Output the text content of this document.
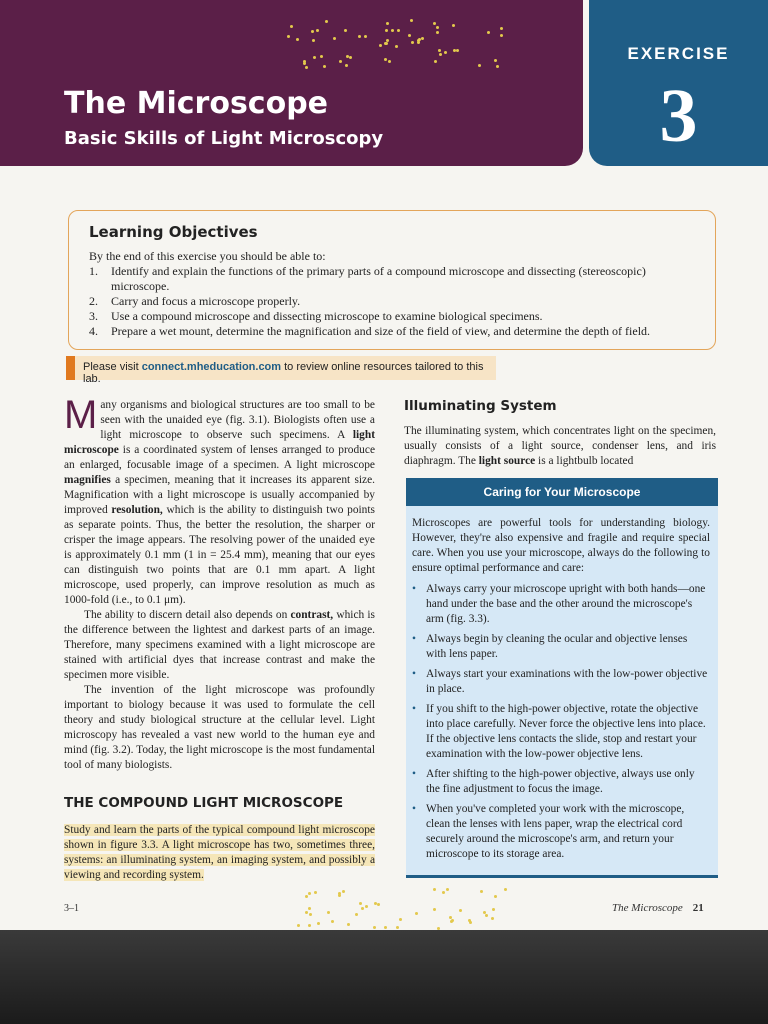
The Microscope
Basic Skills of Light Microscopy
EXERCISE
3
Learning Objectives
By the end of this exercise you should be able to:
1.	Identify and explain the functions of the primary parts of a compound microscope and dissecting (stereoscopic) microscope.
2.	Carry and focus a microscope properly.
3.	Use a compound microscope and dissecting microscope to examine biological specimens.
4.	Prepare a wet mount, determine the magnification and size of the field of view, and determine the depth of field.
Please visit connect.mheducation.com to review online resources tailored to this lab.

Many organisms and biological structures are too small to be seen with the unaided eye (fig. 3.1). Biologists often use a light microscope to observe such specimens. A light microscope is a coordinated system of lenses arranged to produce an enlarged, focusable image of a specimen. A light microscope magnifies a specimen, meaning that it increases its apparent size. Magnification with a light microscope is usually accompanied by improved resolution, which is the ability to distinguish two points as separate points. Thus, the better the resolution, the sharper or crisper the image appears. The resolving power of the unaided eye is approximately 0.1 mm (1 in = 25.4 mm), meaning that our eyes can distinguish two points that are 0.1 mm apart. A light microscope, used properly, can improve resolution as much as 1000-fold (i.e., to 0.1 μm).

The ability to discern detail also depends on contrast, which is the difference between the lightest and darkest parts of an image. Therefore, many specimens examined with a light microscope are stained with artificial dyes that increase contrast and make the specimen more visible.

The invention of the light microscope was profoundly important to biology because it was used to formulate the cell theory and study biological structure at the cellular level. Light microscopy has revealed a vast new world to the human eye and mind (fig. 3.2). Today, the light microscope is the most fundamental tool of many biologists.

THE COMPOUND LIGHT MICROSCOPE
Study and learn the parts of the typical compound light microscope shown in figure 3.3. A light microscope has two, sometimes three, systems: an illuminating system, an imaging system, and possibly a viewing and recording system.
Illuminating System

The illuminating system, which concentrates light on the specimen, usually consists of a light source, condenser lens, and iris diaphragm. The light source is a lightbulb located

Caring for Your Microscope

Microscopes are powerful tools for understanding biology. However, they're also expensive and fragile and require special care. When you use your microscope, always do the following to ensure optimal performance and care:

• Always carry your microscope upright with both hands—one hand under the base and the other around the microscope's arm (fig. 3.3).
• Always begin by cleaning the ocular and objective lenses with lens paper.
• Always start your examinations with the low-power objective in place.
• If you shift to the high-power objective, rotate the objective into place carefully. Never force the objective lens into place. If the objective lens contacts the slide, stop and restart your examination with the low-power objective lens.
• After shifting to the high-power objective, always use only the fine adjustment to focus the image.
• When you've completed your work with the microscope, clean the lenses with lens paper, wrap the electrical cord securely around the microscope's arm, and return your microscope to its storage area.
3–1	The Microscope 21
